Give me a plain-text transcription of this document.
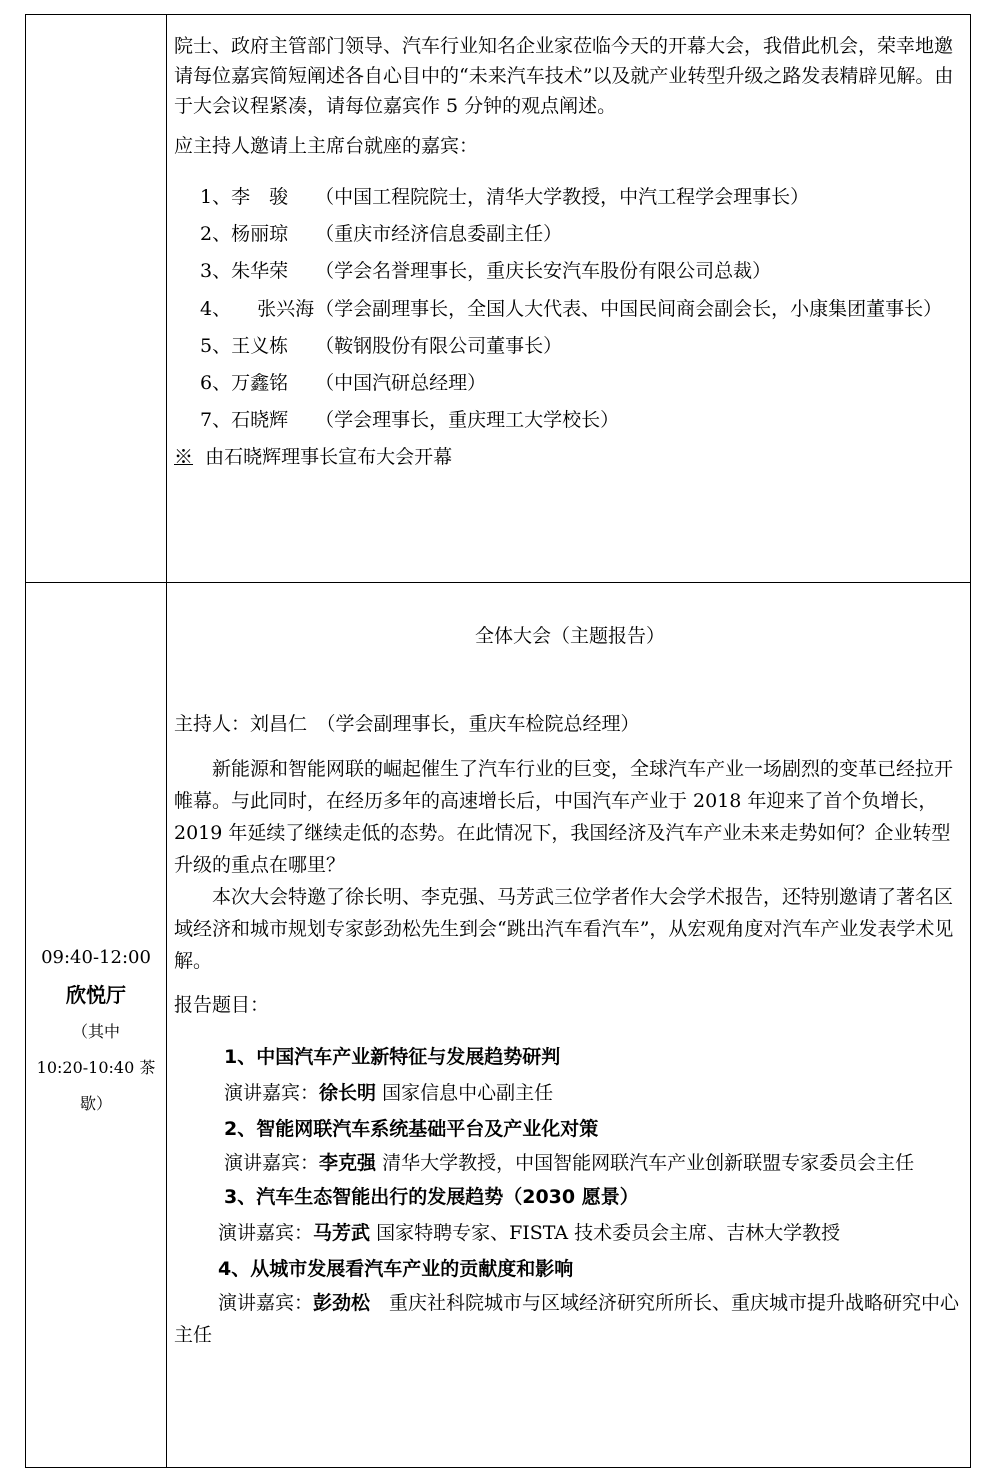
院士、政府主管部门领导、汽车行业知名企业家莅临今天的开幕大会，我借此机会，荣幸地邀请每位嘉宾简短阐述各自心目中的“未来汽车技术”以及就产业转型升级之路发表精辟见解。由于大会议程紧凑，请每位嘉宾作 5 分钟的观点阐述。

应主持人邀请上主席台就座的嘉宾：

1、李　骏 （中国工程院院士，清华大学教授，中汽工程学会理事长）
2、杨丽琼 （重庆市经济信息委副主任）
3、朱华荣 （学会名誉理事长，重庆长安汽车股份有限公司总裁）
4、 张兴海（学会副理事长，全国人大代表、中国民间商会副会长，小康集团董事长）
5、王义栋 （鞍钢股份有限公司董事长）
6、万鑫铭 （中国汽研总经理）
7、石晓辉 （学会理事长，重庆理工大学校长）

※ 由石晓辉理事长宣布大会开幕

09:40-12:00
欣悦厅
（其中
10:20-10:40 茶
歇）
全体大会（主题报告）

主持人：刘昌仁　（学会副理事长，重庆车检院总经理）

新能源和智能网联的崛起催生了汽车行业的巨变，全球汽车产业一场剧烈的变革已经拉开帷幕。与此同时，在经历多年的高速增长后，中国汽车产业于 2018 年迎来了首个负增长，2019 年延续了继续走低的态势。在此情况下，我国经济及汽车产业未来走势如何？企业转型升级的重点在哪里？

本次大会特邀了徐长明、李克强、马芳武三位学者作大会学术报告，还特别邀请了著名区域经济和城市规划专家彭劲松先生到会“跳出汽车看汽车”，从宏观角度对汽车产业发表学术见解。

报告题目：

1、中国汽车产业新特征与发展趋势研判
演讲嘉宾：徐长明 国家信息中心副主任
2、智能网联汽车系统基础平台及产业化对策
演讲嘉宾：李克强 清华大学教授，中国智能网联汽车产业创新联盟专家委员会主任
3、汽车生态智能出行的发展趋势（2030 愿景）
演讲嘉宾：马芳武 国家特聘专家、FISTA 技术委员会主席、吉林大学教授
4、从城市发展看汽车产业的贡献度和影响
演讲嘉宾：彭劲松　重庆社科院城市与区域经济研究所所长、重庆城市提升战略研究中心主任
